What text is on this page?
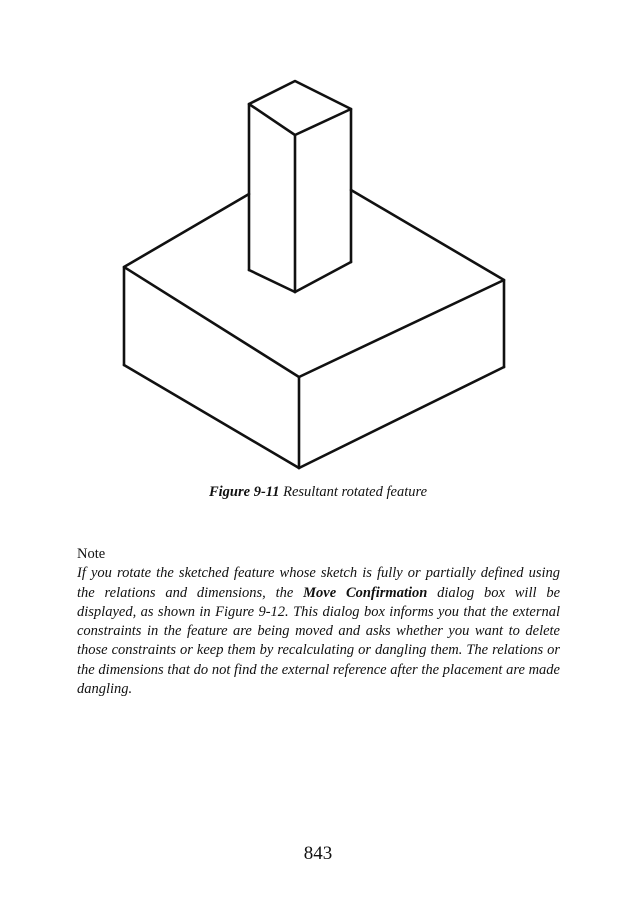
Figure 9-11 Resultant rotated feature
Note
If you rotate the sketched feature whose sketch is fully or partially defined using the relations and dimensions, the Move Confirmation dialog box will be displayed, as shown in Figure 9-12. This dialog box informs you that the external constraints in the feature are being moved and asks whether you want to delete those constraints or keep them by recalculating or dangling them. The relations or the dimensions that do not find the external reference after the placement are made dangling.
843
